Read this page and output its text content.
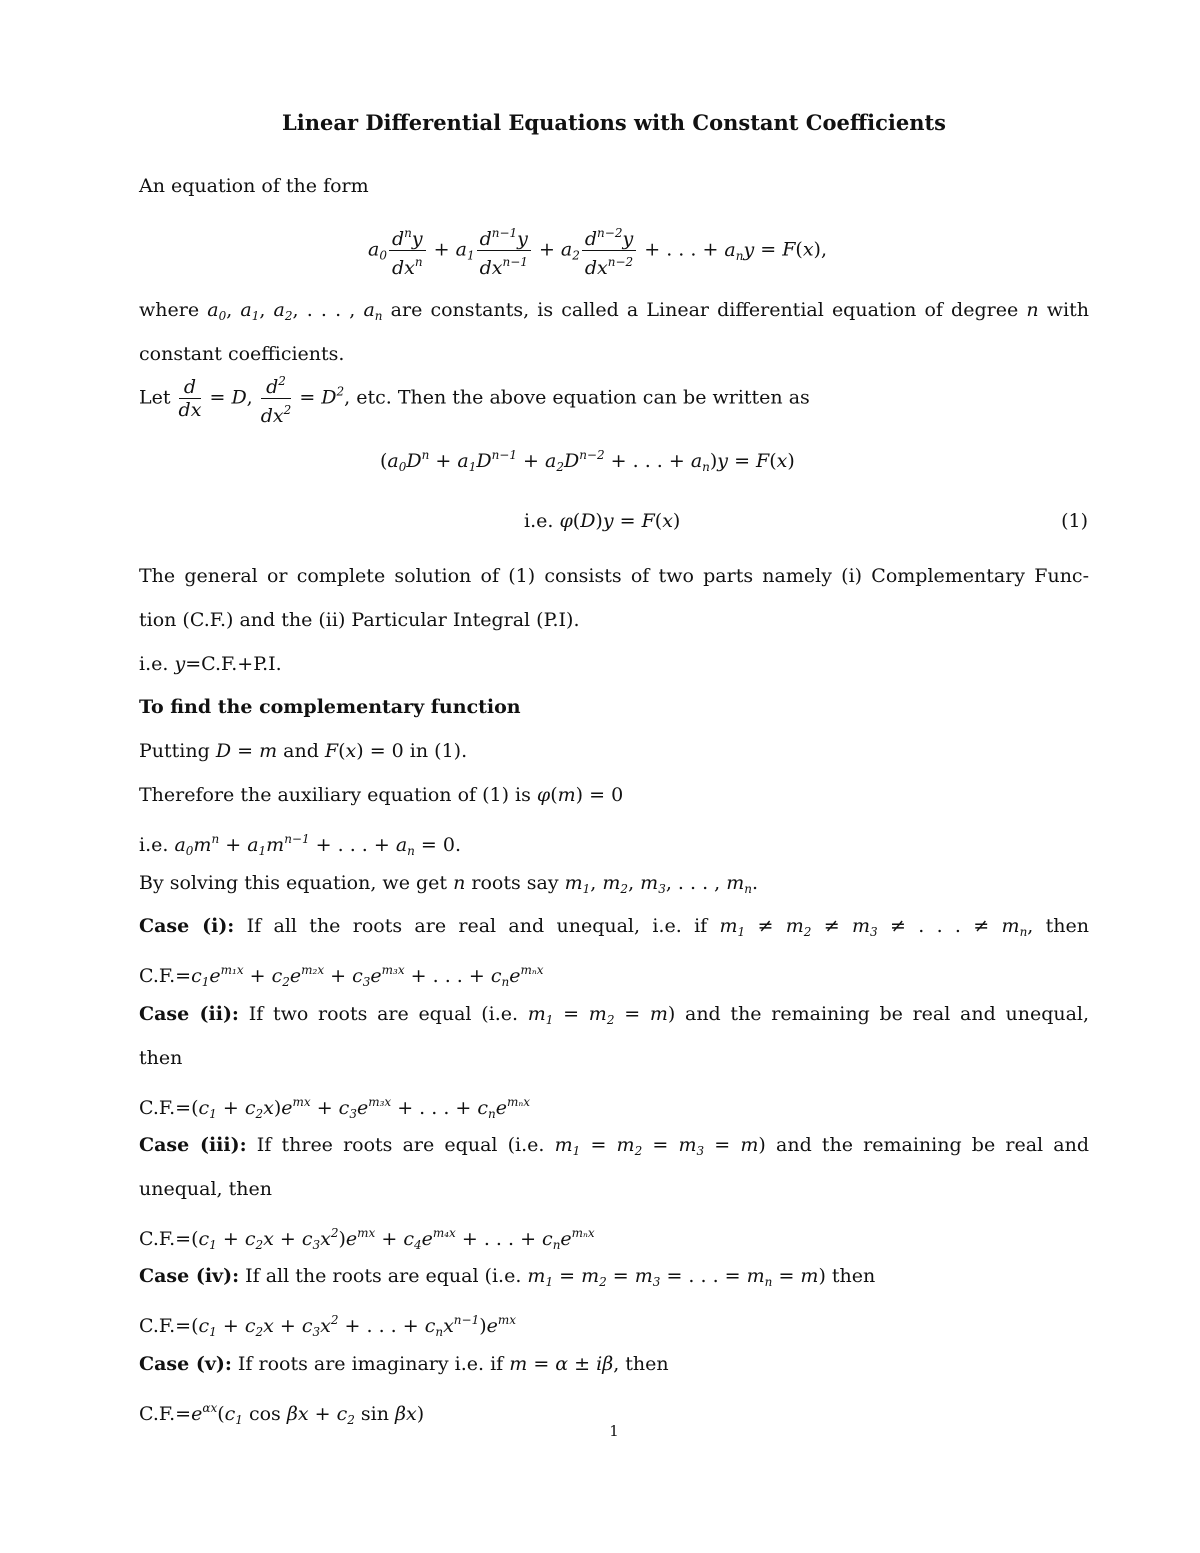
Linear Differential Equations with Constant Coefficients
An equation of the form
$a_0 \frac{d^ny}{dx^n} + a_1 \frac{d^{n-1}y}{dx^{n-1}} + a_2 \frac{d^{n-2}y}{dx^{n-2}}$ + . . . + $a_ny = F(x)$,
where $a_0$, $a_1$, $a_2$, . . . , $a_n$ are constants, is called a Linear differential equation of degree n with
constant coefficients.
Let $\frac{d}{dx} = D$, $\frac{d^2}{dx^2} = D^2$, etc. Then the above equation can be written as
($a_0D^n + a_1D^{n-1} + a_2D^{n-2}$ + . . . + $a_n)y = F(x)$
i.e. φ(D)y = F(x)	(1)
The general or complete solution of (1) consists of two parts namely (i) Complementary Func-
tion (C.F.) and the (ii) Particular Integral (P.I).
i.e. y=C.F.+P.I.
To find the complementary function
Putting D = m and F(x) = 0 in (1).
Therefore the auxiliary equation of (1) is φ(m) = 0
i.e. $a_0m^n + a_1m^{n-1}$ + . . . + $a_n = 0$.
By solving this equation, we get n roots say $m_1$, $m_2$, $m_3$, . . . , $m_n$.
Case (i): If all the roots are real and unequal, i.e. if $m_1 \ne m_2 \ne m_3$ ≠ . . . ≠ $m_n$, then
$C.F.=c_1e^{m_1x} + c_2e^{m_2x} + c_3e^{m_3x}$ + . . . + $c_ne^{m_nx}$
Case (ii): If two roots are equal (i.e. $m_1 = m_2 = m$) and the remaining be real and unequal,
then
$C.F.=(c_1 + c_2x)e^{mx} + c_3e^{m_3x}$ + . . . + $c_ne^{m_nx}$
Case (iii): If three roots are equal (i.e. $m_1 = m_2 = m_3 = m$) and the remaining be real and
unequal, then
$C.F.=(c_1 + c_2x + c_3x^2)e^{mx} + c_4e^{m_4x}$ + . . . + $c_ne^{m_nx}$
Case (iv): If all the roots are equal (i.e. $m_1 = m_2 = m_3$ = . . . = $m_n = m$) then
$C.F.=(c_1 + c_2x + c_3x^2$ + . . . + $c_nx^{n-1})e^{mx}$
Case (v): If roots are imaginary i.e. if m = α ± iβ, then
$C.F.=e^{\alpha x}(c_1$ $\cos \beta x + c_2$ sin βx)
1
